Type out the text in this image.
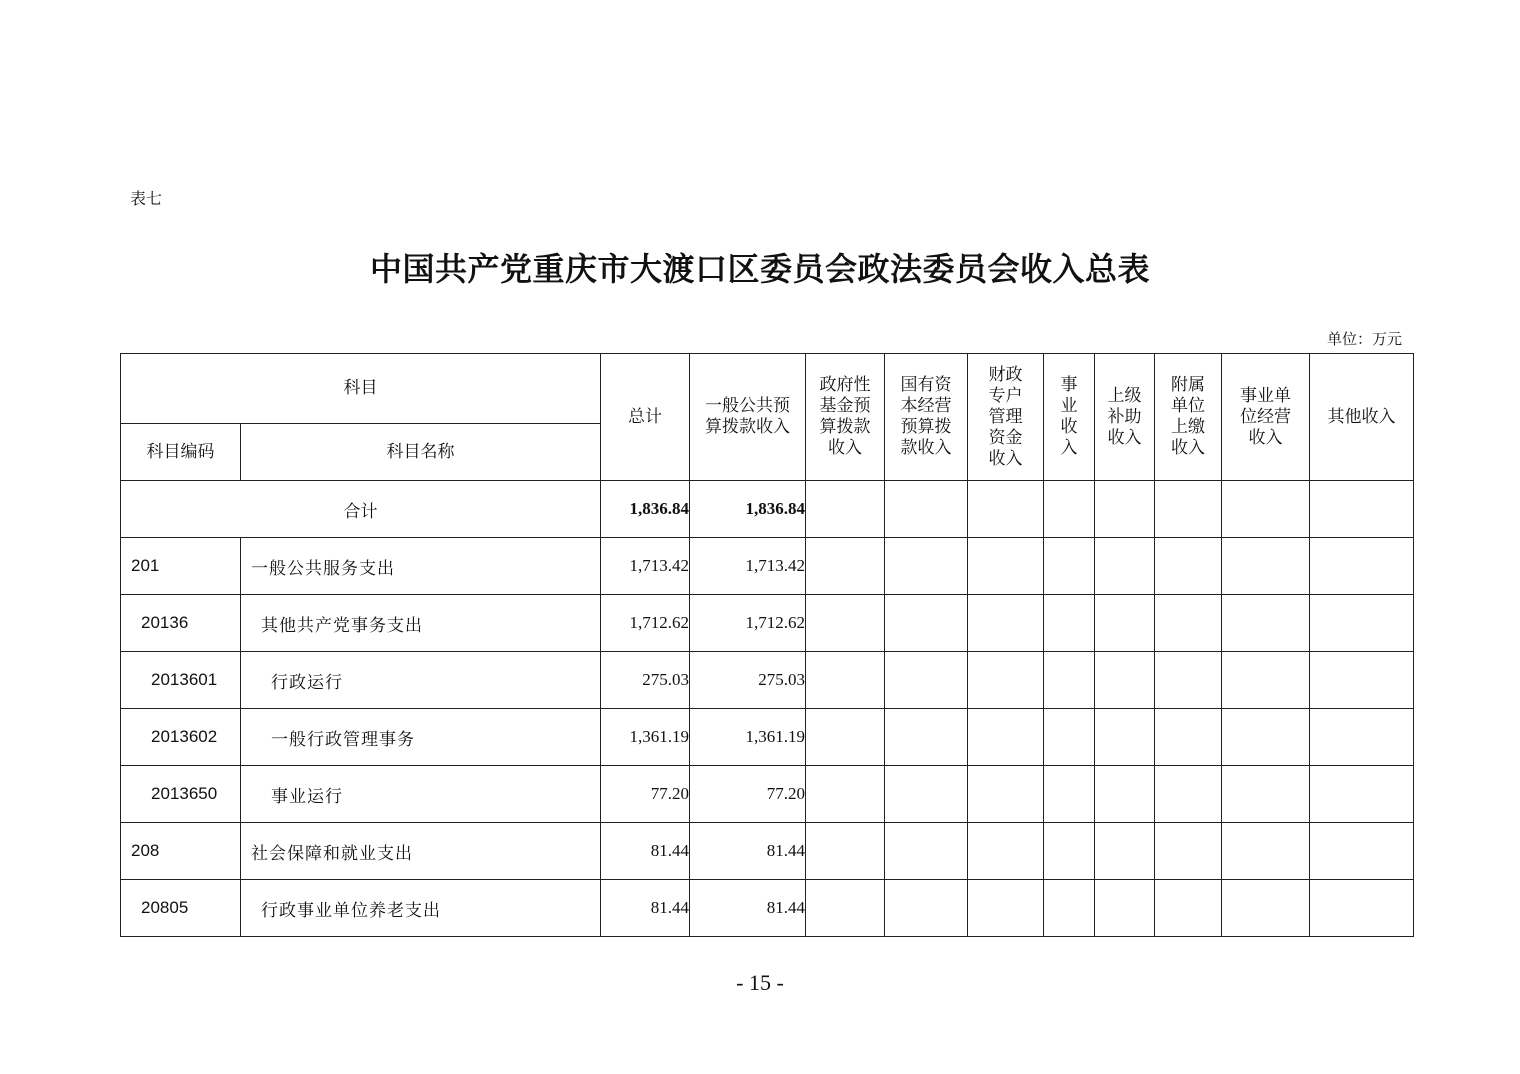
表七
中国共产党重庆市大渡口区委员会政法委员会收入总表
单位：万元
科目		总计	一般公共预算拨款收入	政府性基金预算拨款收入	国有资本经营预算拨款收入	财政专户管理资金收入	事业收入	上级补助收入	附属单位上缴收入	事业单位经营收入	其他收入
科目编码	科目名称										
合计		1,836.84	1,836.84								
201	一般公共服务支出	1,713.42	1,713.42								
20136	其他共产党事务支出	1,712.62	1,712.62								
2013601	行政运行	275.03	275.03								
2013602	一般行政管理事务	1,361.19	1,361.19								
2013650	事业运行	77.20	77.20								
208	社会保障和就业支出	81.44	81.44								
20805	行政事业单位养老支出	81.44	81.44								
- 15 -
